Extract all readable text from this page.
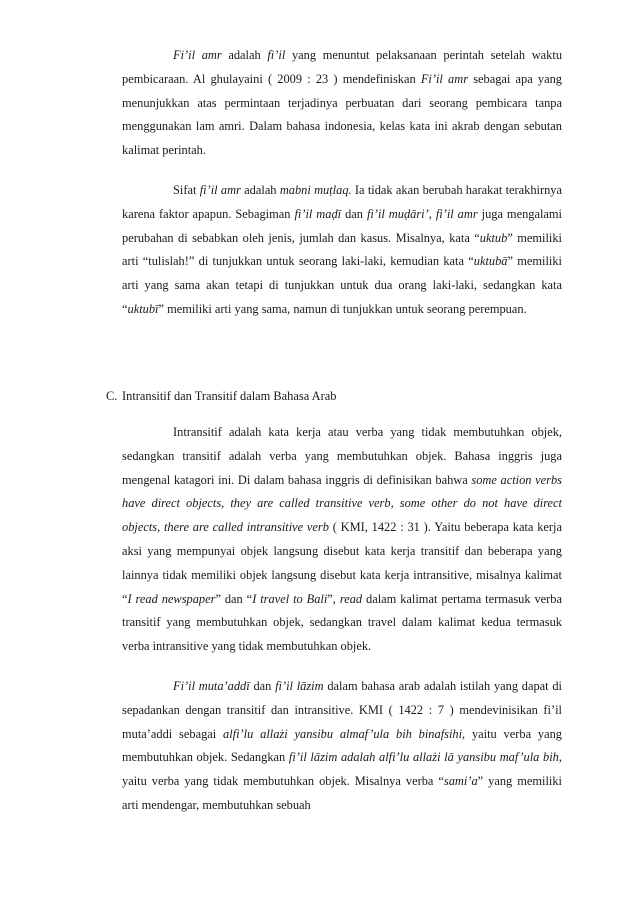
Fi’il amr adalah fi’il yang menuntut pelaksanaan perintah setelah waktu pembicaraan. Al ghulayaini ( 2009 : 23 ) mendefiniskan Fi’il amr sebagai apa yang menunjukkan atas permintaan terjadinya perbuatan dari seorang pembicara tanpa menggunakan lam amri. Dalam bahasa indonesia, kelas kata ini akrab dengan sebutan kalimat perintah.

Sifat fi’il amr adalah mabni muṭlaq. Ia tidak akan berubah harakat terakhirnya karena faktor apapun. Sebagiman fi’il maḍī dan fi’il muḍāri’, fi’il amr juga mengalami perubahan di sebabkan oleh jenis, jumlah dan kasus. Misalnya, kata “uktub” memiliki arti “tulislah!” di tunjukkan untuk seorang laki-laki, kemudian kata “uktubā” memiliki arti yang sama akan tetapi di tunjukkan untuk dua orang laki-laki, sedangkan kata “uktubī” memiliki arti yang sama, namun di tunjukkan untuk seorang perempuan.

C. Intransitif dan Transitif dalam Bahasa Arab

Intransitif adalah kata kerja atau verba yang tidak membutuhkan objek, sedangkan transitif adalah verba yang membutuhkan objek. Bahasa inggris juga mengenal katagori ini. Di dalam bahasa inggris di definisikan bahwa some action verbs have direct objects, they are called transitive verb, some other do not have direct objects, there are called intransitive verb ( KMI, 1422 : 31 ). Yaitu beberapa kata kerja aksi yang mempunyai objek langsung disebut kata kerja transitif dan beberapa yang lainnya tidak memiliki objek langsung disebut kata kerja intransitive, misalnya kalimat “I read newspaper” dan “I travel to Bali”, read dalam kalimat pertama termasuk verba transitif yang membutuhkan objek, sedangkan travel dalam kalimat kedua termasuk verba intransitive yang tidak membutuhkan objek.

Fi’il muta’addī dan fi’il lāzim dalam bahasa arab adalah istilah yang dapat di sepadankan dengan transitif dan intransitive. KMI ( 1422 : 7 ) mendevinisikan fi’il muta’addi sebagai alfi’lu allażi yansibu almaf’ula bih binafsihi, yaitu verba yang membutuhkan objek. Sedangkan fi’il lāzim adalah alfi’lu allażi lā yansibu maf’ula bih, yaitu verba yang tidak membutuhkan objek. Misalnya verba “sami’a” yang memiliki arti mendengar, membutuhkan sebuah
